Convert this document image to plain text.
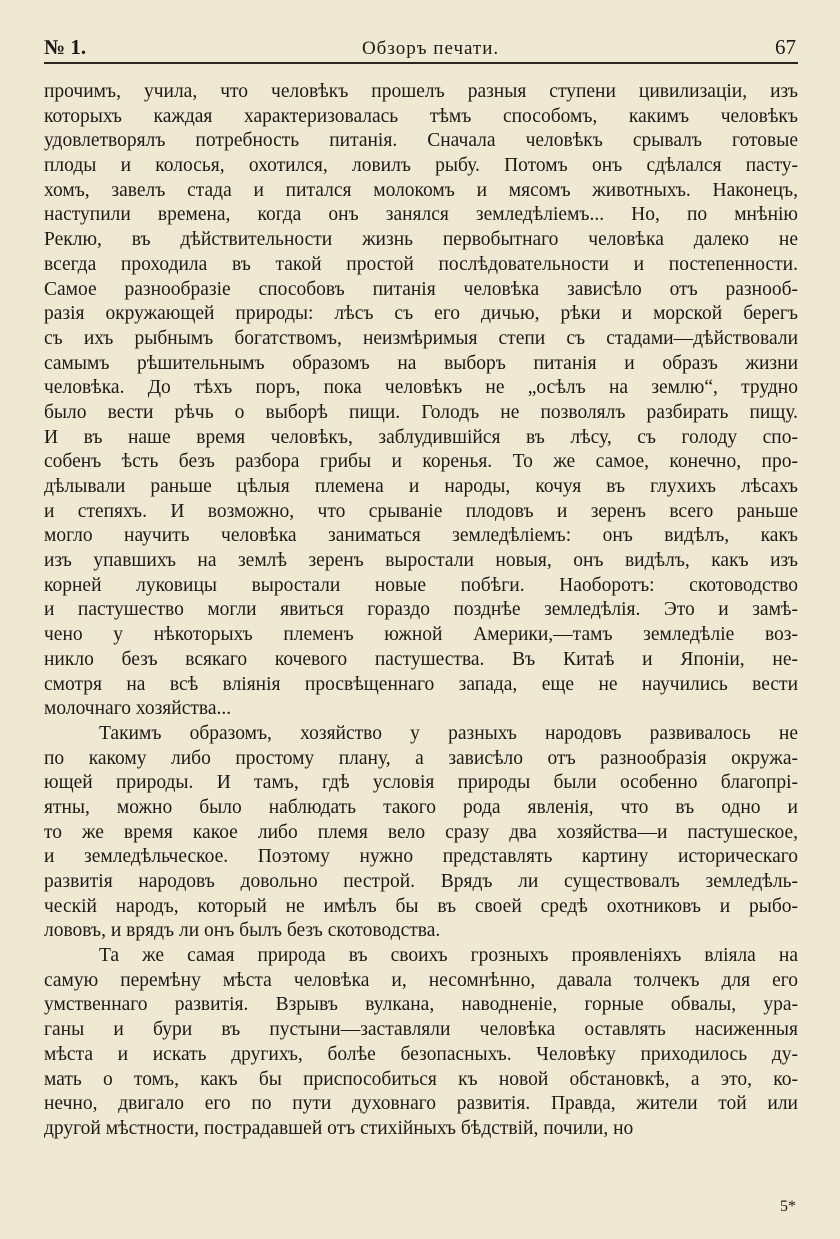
№ 1.	Обзоръ печати.	67
прочимъ, учила, что человѣкъ прошелъ разныя ступени цивилизаціи, изъ
которыхъ каждая характеризовалась тѣмъ способомъ, какимъ человѣкъ
удовлетворялъ потребность питанія. Сначала человѣкъ срывалъ готовые
плоды и колосья, охотился, ловилъ рыбу. Потомъ онъ сдѣлался пасту-
хомъ, завелъ стада и питался молокомъ и мясомъ животныхъ. Наконецъ,
наступили времена, когда онъ занялся земледѣліемъ... Но, по мнѣнію
Реклю, въ дѣйствительности жизнь первобытнаго человѣка далеко не
всегда проходила въ такой простой послѣдовательности и постепенности.
Самое разнообразіе способовъ питанія человѣка зависѣло отъ разнооб-
разія окружающей природы: лѣсъ съ его дичью, рѣки и морской берегъ
съ ихъ рыбнымъ богатствомъ, неизмѣримыя степи съ стадами—дѣйствовали
самымъ рѣшительнымъ образомъ на выборъ питанія и образъ жизни
человѣка. До тѣхъ поръ, пока человѣкъ не „осѣлъ на землю“, трудно
было вести рѣчь о выборѣ пищи. Голодъ не позволялъ разбирать пищу.
И въ наше время человѣкъ, заблудившійся въ лѣсу, съ голоду спо-
собенъ ѣсть безъ разбора грибы и коренья. То же самое, конечно, про-
дѣлывали раньше цѣлыя племена и народы, кочуя въ глухихъ лѣсахъ
и степяхъ. И возможно, что срываніе плодовъ и зеренъ всего раньше
могло научить человѣка заниматься земледѣліемъ: онъ видѣлъ, какъ
изъ упавшихъ на землѣ зеренъ выростали новыя, онъ видѣлъ, какъ изъ
корней луковицы выростали новые побѣги. Наоборотъ: скотоводство
и пастушество могли явиться гораздо позднѣе земледѣлія. Это и замѣ-
чено у нѣкоторыхъ племенъ южной Америки,—тамъ земледѣліе воз-
никло безъ всякаго кочевого пастушества. Въ Китаѣ и Японіи, не-
смотря на всѣ вліянія просвѣщеннаго запада, еще не научились вести
молочнаго хозяйства...
Такимъ образомъ, хозяйство у разныхъ народовъ развивалось не
по какому либо простому плану, а зависѣло отъ разнообразія окружа-
ющей природы. И тамъ, гдѣ условія природы были особенно благопрі-
ятны, можно было наблюдать такого рода явленія, что въ одно и
то же время какое либо племя вело сразу два хозяйства—и пастушеское,
и земледѣльческое. Поэтому нужно представлять картину историческаго
развитія народовъ довольно пестрой. Врядъ ли существовалъ земледѣль-
ческій народъ, который не имѣлъ бы въ своей средѣ охотниковъ и рыбо-
лововъ, и врядъ ли онъ былъ безъ скотоводства.
Та же самая природа въ своихъ грозныхъ проявленіяхъ вліяла на
самую перемѣну мѣста человѣка и, несомнѣнно, давала толчекъ для его
умственнаго развитія. Взрывъ вулкана, наводненіе, горные обвалы, ура-
ганы и бури въ пустыни—заставляли человѣка оставлять насиженныя
мѣста и искать другихъ, болѣе безопасныхъ. Человѣку приходилось ду-
мать о томъ, какъ бы приспособиться къ новой обстановкѣ, а это, ко-
нечно, двигало его по пути духовнаго развитія. Правда, жители той или
другой мѣстности, пострадавшей отъ стихійныхъ бѣдствій, почили, но
5*
